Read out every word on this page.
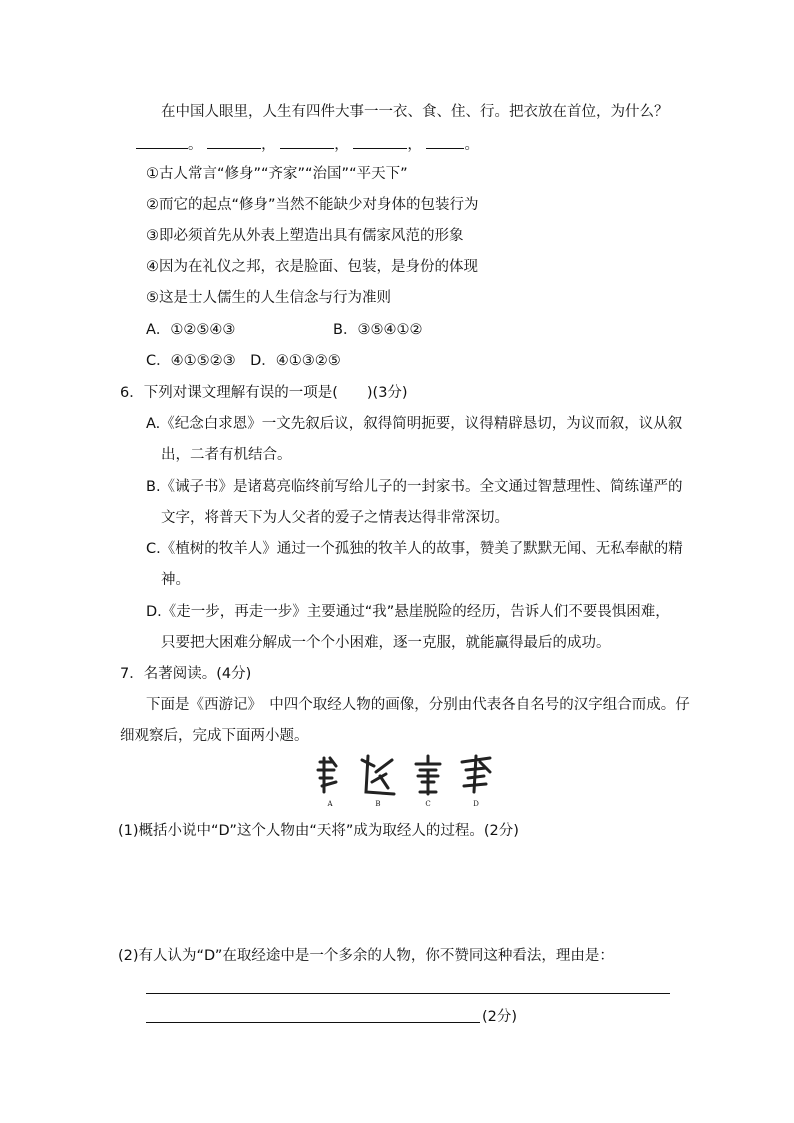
在中国人眼里，人生有四件大事一一衣、食、住、行。把衣放在首位，为什么？
。	，	，	，	。
①古人常言“修身”“齐家”“治国”“平天下”
②而它的起点“修身”当然不能缺少对身体的包装行为
③即必须首先从外表上塑造出具有儒家风范的形象
④因为在礼仪之邦，衣是脸面、包装，是身份的体现
⑤这是士人儒生的人生信念与行为准则
A．①②⑤④③	B．③⑤④①②
C．④①⑤②③　D．④①③②⑤
6．下列对课文理解有误的一项是(　　)(3分)
A.《纪念白求恩》一文先叙后议，叙得简明扼要，议得精辟恳切，为议而叙，议从叙
出，二者有机结合。
B.《诫子书》是诸葛亮临终前写给儿子的一封家书。全文通过智慧理性、简练谨严的
文字，将普天下为人父者的爱子之情表达得非常深切。
C.《植树的牧羊人》通过一个孤独的牧羊人的故事，赞美了默默无闻、无私奉献的精
神。
D.《走一步，再走一步》主要通过“我”悬崖脱险的经历，告诉人们不要畏惧困难，
只要把大困难分解成一个个小困难，逐一克服，就能赢得最后的成功。
7．名著阅读。(4分)
下面是《西游记》　中四个取经人物的画像，分别由代表各自名号的汉字组合而成。仔
细观察后，完成下面两小题。
A	B	C	D
(1)概括小说中“D”这个人物由“天将”成为取经人的过程。(2分)
(2)有人认为“D”在取经途中是一个多余的人物，你不赞同这种看法，理由是：
(2分)
